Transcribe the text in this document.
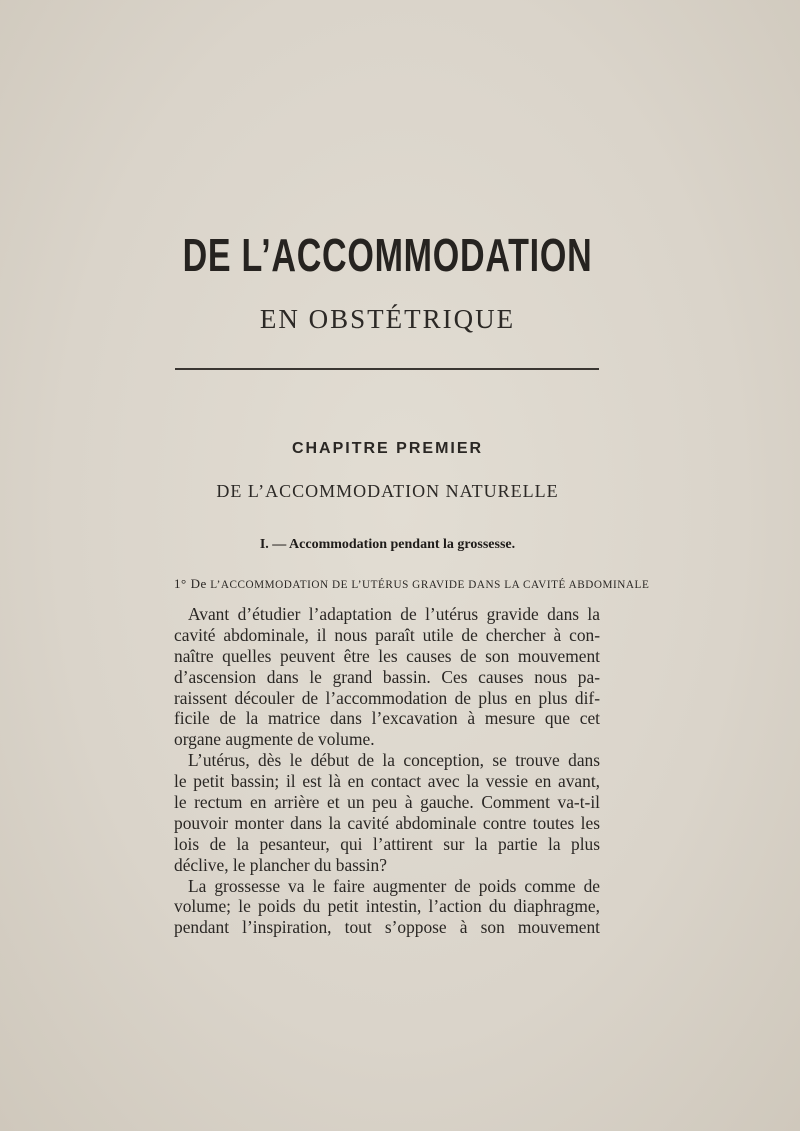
DE L’ACCOMMODATION
EN OBSTÉTRIQUE
CHAPITRE PREMIER
DE L’ACCOMMODATION NATURELLE
I. — Accommodation pendant la grossesse.
1° De L’ACCOMMODATION DE L’UTÉRUS GRAVIDE DANS LA CAVITÉ ABDOMINALE
Avant d’étudier l’adaptation de l’utérus gravide dans la
cavité abdominale, il nous paraît utile de chercher à con-
naître quelles peuvent être les causes de son mouvement
d’ascension dans le grand bassin. Ces causes nous pa-
raissent découler de l’accommodation de plus en plus dif-
ficile de la matrice dans l’excavation à mesure que cet
organe augmente de volume.
L’utérus, dès le début de la conception, se trouve dans
le petit bassin; il est là en contact avec la vessie en avant,
le rectum en arrière et un peu à gauche. Comment va-t-il
pouvoir monter dans la cavité abdominale contre toutes les
lois de la pesanteur, qui l’attirent sur la partie la plus
déclive, le plancher du bassin?
La grossesse va le faire augmenter de poids comme de
volume; le poids du petit intestin, l’action du diaphragme,
pendant l’inspiration, tout s’oppose à son mouvement
